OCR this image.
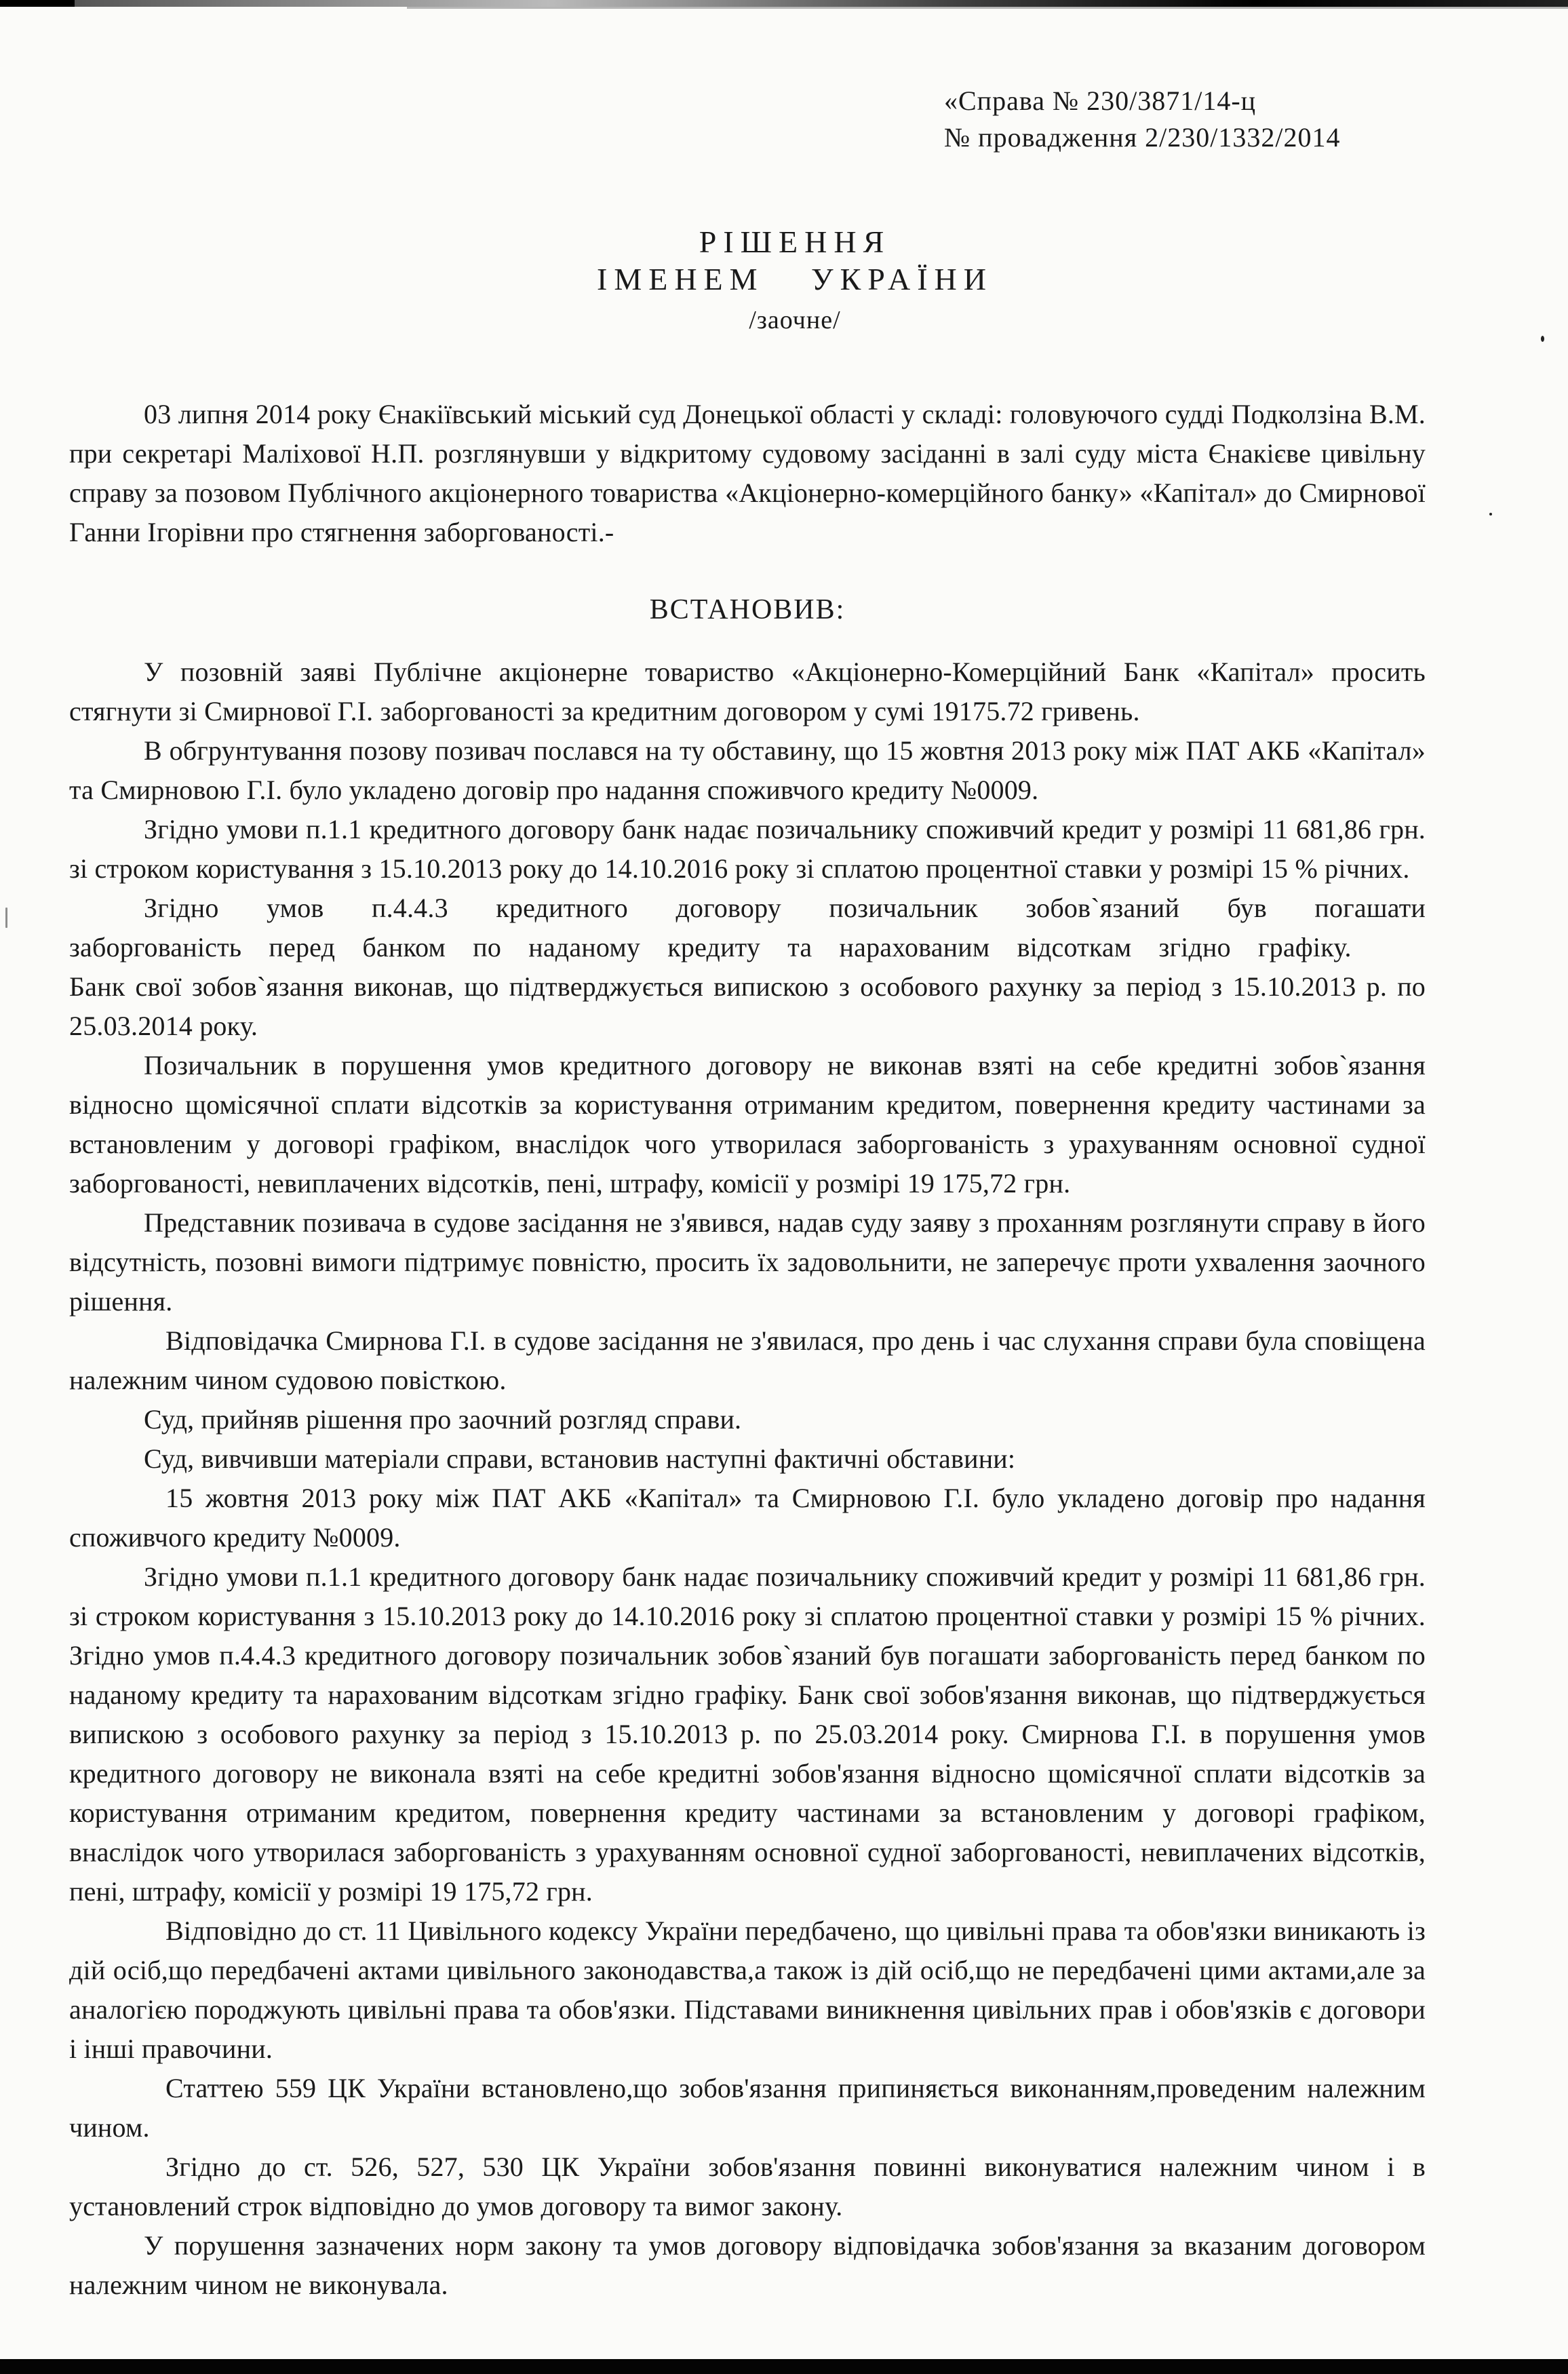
«Справа № 230/3871/14-ц
№ провадження 2/230/1332/2014
РІШЕННЯ
ІМЕНЕМ УКРАЇНИ
/заочне/

03 липня 2014 року Єнакіївський міський суд Донецької області у складі: головуючого судді Подколзіна В.М. при секретарі Маліхової Н.П. розглянувши у відкритому судовому засіданні в залі суду міста Єнакієве цивільну справу за позовом Публічного акціонерного товариства «Акціонерно-комерційного банку» «Капітал» до Смирнової Ганни Ігорівни про стягнення заборгованості.-

ВСТАНОВИВ:

У позовній заяві Публічне акціонерне товариство «Акціонерно-Комерційний Банк «Капітал» просить стягнути зі Смирнової Г.І. заборгованості за кредитним договором у сумі 19175.72 гривень.

В обгрунтування позову позивач послався на ту обставину, що 15 жовтня 2013 року між ПАТ АКБ «Капітал» та Смирновою Г.І. було укладено договір про надання споживчого кредиту №0009.

Згідно умови п.1.1 кредитного договору банк надає позичальнику споживчий кредит у розмірі 11 681,86 грн. зі строком користування з 15.10.2013 року до 14.10.2016 року зі сплатою процентної ставки у розмірі 15 % річних.

Згідно умов п.4.4.3 кредитного договору позичальник зобов`язаний був погашати заборгованість перед банком по наданому кредиту та нарахованим відсоткам згідно графіку.

Банк свої зобов`язання виконав, що підтверджується випискою з особового рахунку за період з 15.10.2013 р. по 25.03.2014 року.

Позичальник в порушення умов кредитного договору не виконав взяті на себе кредитні зобов`язання відносно щомісячної сплати відсотків за користування отриманим кредитом, повернення кредиту частинами за встановленим у договорі графіком, внаслідок чого утворилася заборгованість з урахуванням основної судної заборгованості, невиплачених відсотків, пені, штрафу, комісії у розмірі 19 175,72 грн.

Представник позивача в судове засідання не з'явився, надав суду заяву з проханням розглянути справу в його відсутність, позовні вимоги підтримує повністю, просить їх задовольнити, не заперечує проти ухвалення заочного рішення.

Відповідачка Смирнова Г.І. в судове засідання не з'явилася, про день і час слухання справи була сповіщена належним чином судовою повісткою.

Суд, прийняв рішення про заочний розгляд справи.

Суд, вивчивши матеріали справи, встановив наступні фактичні обставини:

15 жовтня 2013 року між ПАТ АКБ «Капітал» та Смирновою Г.І. було укладено договір про надання споживчого кредиту №0009.

Згідно умови п.1.1 кредитного договору банк надає позичальнику споживчий кредит у розмірі 11 681,86 грн. зі строком користування з 15.10.2013 року до 14.10.2016 року зі сплатою процентної ставки у розмірі 15 % річних. Згідно умов п.4.4.3 кредитного договору позичальник зобов`язаний був погашати заборгованість перед банком по наданому кредиту та нарахованим відсоткам згідно графіку. Банк свої зобов'язання виконав, що підтверджується випискою з особового рахунку за період з 15.10.2013 р. по 25.03.2014 року. Смирнова Г.І. в порушення умов кредитного договору не виконала взяті на себе кредитні зобов'язання відносно щомісячної сплати відсотків за користування отриманим кредитом, повернення кредиту частинами за встановленим у договорі графіком, внаслідок чого утворилася заборгованість з урахуванням основної судної заборгованості, невиплачених відсотків, пені, штрафу, комісії у розмірі 19 175,72 грн.

Відповідно до ст. 11 Цивільного кодексу України передбачено, що цивільні права та обов'язки виникають із дій осіб,що передбачені актами цивільного законодавства,а також із дій осіб,що не передбачені цими актами,але за аналогією породжують цивільні права та обов'язки. Підставами виникнення цивільних прав і обов'язків є договори і інші правочини.

Статтею 559 ЦК України встановлено,що зобов'язання припиняється виконанням,проведеним належним чином.

Згідно до ст. 526, 527, 530 ЦК України зобов'язання повинні виконуватися належним чином і в установлений строк відповідно до умов договору та вимог закону.

У порушення зазначених норм закону та умов договору відповідачка зобов'язання за вказаним договором належним чином не виконувала.
